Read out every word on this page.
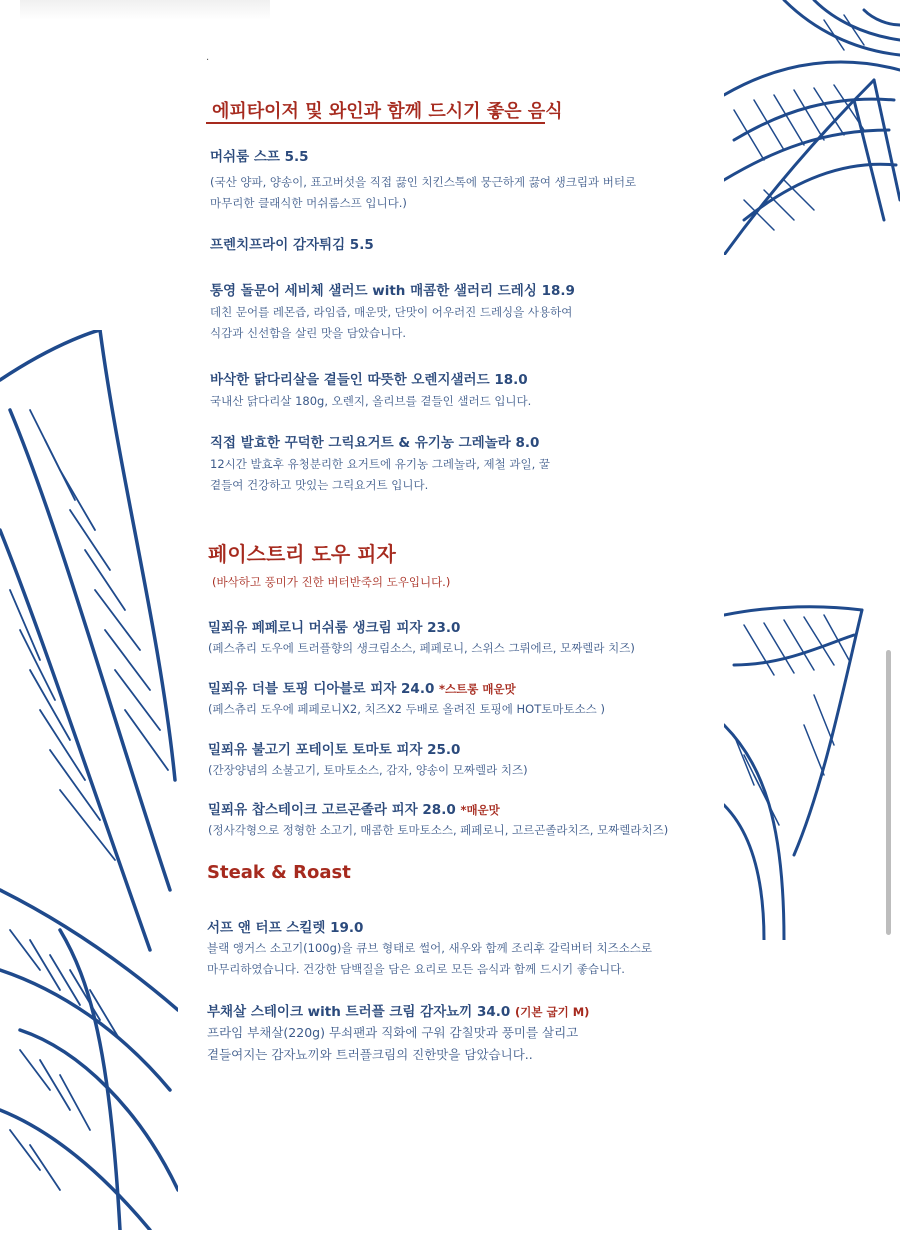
.
에피타이저 및 와인과 함께 드시기 좋은 음식
머쉬룸 스프 5.5
(국산 양파, 양송이, 표고버섯을 직접 끓인 치킨스톡에 뭉근하게 끓여 생크림과 버터로
마무리한 클래식한 머쉬룸스프 입니다.)
프렌치프라이 감자튀김 5.5
통영 돌문어 세비체 샐러드 with 매콤한 샐러리 드레싱 18.9
데친 문어를 레몬즙, 라임즙, 매운맛, 단맛이 어우러진 드레싱을 사용하여
식감과 신선함을 살린 맛을 담았습니다.
바삭한 닭다리살을 곁들인 따뜻한 오렌지샐러드 18.0
국내산 닭다리살 180g, 오렌지, 올리브를 곁들인 샐러드 입니다.
직접 발효한 꾸덕한 그릭요거트 & 유기농 그레놀라 8.0
12시간 발효후 유청분리한 요거트에 유기농 그레놀라, 제철 과일, 꿀
곁들여 건강하고 맛있는 그릭요거트 입니다.
페이스트리 도우 피자
(바삭하고 풍미가 진한 버터반죽의 도우입니다.)
밀푀유 페페로니 머쉬룸 생크림 피자 23.0
(페스츄리 도우에 트러플향의 생크림소스, 페페로니, 스위스 그뤼에르, 모짜렐라 치즈)
밀푀유 더블 토핑 디아블로 피자 24.0 *스트롱 매운맛
(페스츄리 도우에 페페로니X2, 치즈X2 두배로 올려진 토핑에 HOT토마토소스 )
밀푀유 불고기 포테이토 토마토 피자 25.0
(간장양념의 소불고기, 토마토소스, 감자, 양송이 모짜렐라 치즈)
밀푀유 찹스테이크 고르곤졸라 피자 28.0 *매운맛
(정사각형으로 정형한 소고기, 매콤한 토마토소스, 페페로니, 고르곤졸라치즈, 모짜렐라치즈)
Steak & Roast
서프 앤 터프 스킬렛 19.0
블랙 앵거스 소고기(100g)을 큐브 형태로 썰어, 새우와 함께 조리후 갈릭버터 치즈소스로
마무리하였습니다. 건강한 담백질을 담은 요리로 모든 음식과 함께 드시기 좋습니다.
부채살 스테이크 with 트러플 크림 감자뇨끼 34.0 (기본 굽기 M)
프라임 부채살(220g) 무쇠팬과 직화에 구워 감칠맛과 풍미를 살리고
곁들여지는 감자뇨끼와 트러플크림의 진한맛을 담았습니다..
